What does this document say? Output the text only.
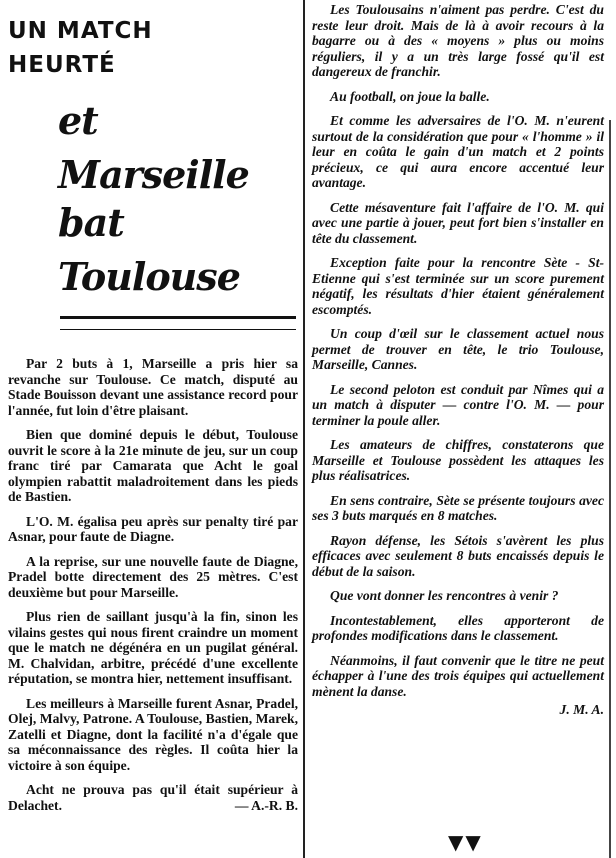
UN MATCH
HEURTÉ
et Marseille
bat Toulouse

Par 2 buts à 1, Marseille a pris hier sa revanche sur Toulouse. Ce match, disputé au Stade Bouisson devant une assistance record pour l'année, fut loin d'être plaisant.

Bien que dominé depuis le début, Toulouse ouvrit le score à la 21e minute de jeu, sur un coup franc tiré par Camarata que Acht le goal olympien rabattit maladroitement dans les pieds de Bastien.

L'O. M. égalisa peu après sur penalty tiré par Asnar, pour faute de Diagne.

A la reprise, sur une nouvelle faute de Diagne, Pradel botte directement des 25 mètres. C'est deuxième but pour Marseille.

Plus rien de saillant jusqu'à la fin, sinon les vilains gestes qui nous firent craindre un moment que le match ne dégénéra en un pugilat général. M. Chalvidan, arbitre, précédé d'une excellente réputation, se montra hier, nettement insuffisant.

Les meilleurs à Marseille furent Asnar, Pradel, Olej, Malvy, Patrone. A Toulouse, Bastien, Marek, Zatelli et Diagne, dont la facilité n'a d'égale que sa méconnaissance des règles. Il coûta hier la victoire à son équipe.

Acht ne prouva pas qu'il était supérieur à Delachet.	— A.-R. B.

Les Toulousains n'aiment pas perdre. C'est du reste leur droit. Mais de là à avoir recours à la bagarre ou à des « moyens » plus ou moins réguliers, il y a un très large fossé qu'il est dangereux de franchir.

Au football, on joue la balle.

Et comme les adversaires de l'O. M. n'eurent surtout de la considération que pour « l'homme » il leur en coûta le gain d'un match et 2 points précieux, ce qui aura encore accentué leur avantage.

Cette mésaventure fait l'affaire de l'O. M. qui avec une partie à jouer, peut fort bien s'installer en tête du classement.

Exception faite pour la rencontre Sète - St-Etienne qui s'est terminée sur un score purement négatif, les résultats d'hier étaient généralement escomptés.

Un coup d'œil sur le classement actuel nous permet de trouver en tête, le trio Toulouse, Marseille, Cannes.

Le second peloton est conduit par Nîmes qui a un match à disputer — contre l'O. M. — pour terminer la poule aller.

Les amateurs de chiffres, constaterons que Marseille et Toulouse possèdent les attaques les plus réalisatrices.

En sens contraire, Sète se présente toujours avec ses 3 buts marqués en 8 matches.

Rayon défense, les Sétois s'avèrent les plus efficaces avec seulement 8 buts encaissés depuis le début de la saison.

Que vont donner les rencontres à venir ?

Incontestablement, elles apporteront de profondes modifications dans le classement.

Néanmoins, il faut convenir que le titre ne peut échapper à l'une des trois équipes qui actuellement mènent la danse.

J. M. A.

▼▼
